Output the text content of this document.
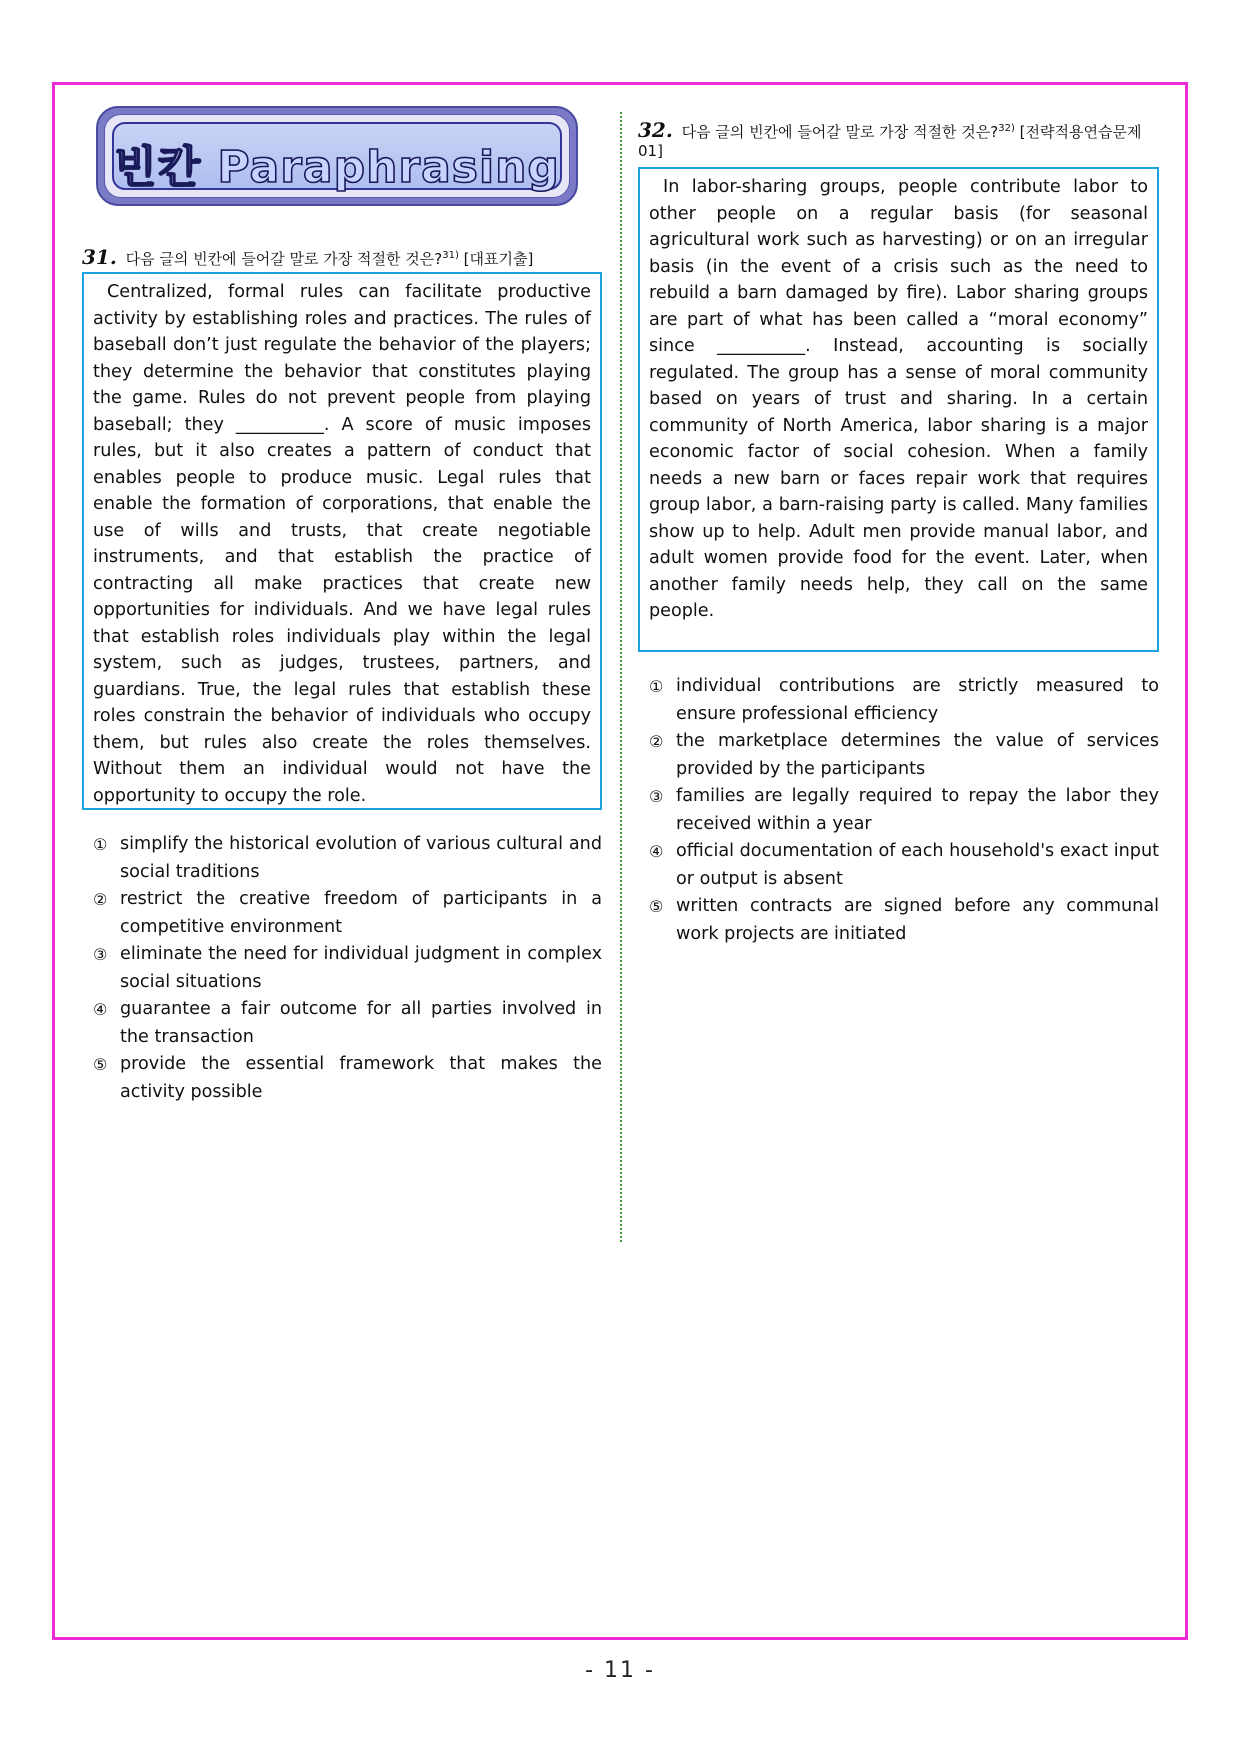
빈칸 Paraphrasing
31. 다음 글의 빈칸에 들어갈 말로 가장 적절한 것은?$^{31)}$ [대표기출]

Centralized, formal rules can facilitate productive activity by establishing roles and practices. The rules of baseball don’t just regulate the behavior of the players; they determine the behavior that constitutes playing the game. Rules do not prevent people from playing baseball; they __________. A score of music imposes rules, but it also creates a pattern of conduct that enables people to produce music. Legal rules that enable the formation of corporations, that enable the use of wills and trusts, that create negotiable instruments, and that establish the practice of contracting all make practices that create new opportunities for individuals. And we have legal rules that establish roles individuals play within the legal system, such as judges, trustees, partners, and guardians. True, the legal rules that establish these roles constrain the behavior of individuals who occupy them, but rules also create the roles themselves. Without them an individual would not have the opportunity to occupy the role.

① simplify the historical evolution of various cultural and social traditions
② restrict the creative freedom of participants in a competitive environment
③ eliminate the need for individual judgment in complex social situations
④ guarantee a fair outcome for all parties involved in the transaction
⑤ provide the essential framework that makes the activity possible
32. 다음 글의 빈칸에 들어갈 말로 가장 적절한 것은?$^{32)}$ [전략적용연습문제01]

In labor-sharing groups, people contribute labor to other people on a regular basis (for seasonal agricultural work such as harvesting) or on an irregular basis (in the event of a crisis such as the need to rebuild a barn damaged by fire). Labor sharing groups are part of what has been called a “moral economy” since __________. Instead, accounting is socially regulated. The group has a sense of moral community based on years of trust and sharing. In a certain community of North America, labor sharing is a major economic factor of social cohesion. When a family needs a new barn or faces repair work that requires group labor, a barn-raising party is called. Many families show up to help. Adult men provide manual labor, and adult women provide food for the event. Later, when another family needs help, they call on the same people.

① individual contributions are strictly measured to ensure professional efficiency
② the marketplace determines the value of services provided by the participants
③ families are legally required to repay the labor they received within a year
④ official documentation of each household's exact input or output is absent
⑤ written contracts are signed before any communal work projects are initiated
- 11 -
